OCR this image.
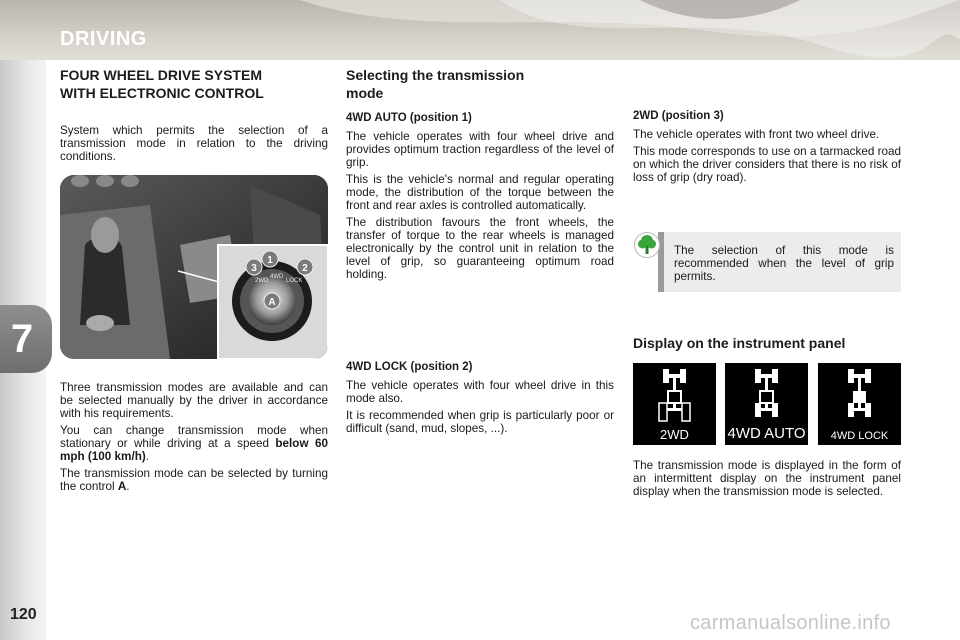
DRIVING
7
120	carmanualsonline.info
FOUR WHEEL DRIVE SYSTEM
WITH ELECTRONIC CONTROL

System which permits the selection of a transmission mode in relation to the driving conditions.

3
1
2
A
2WD
4WD
LOCK

Three transmission modes are available and can be selected manually by the driver in accordance with his requirements.

You can change transmission mode when stationary or while driving at a speed below 60 mph (100 km/h).

The transmission mode can be selected by turning the control A.

Selecting the transmission
mode
4WD AUTO (position 1)

The vehicle operates with four wheel drive and provides optimum traction regardless of the level of grip.

This is the vehicle's normal and regular operating mode, the distribution of the torque between the front and rear axles is controlled automatically.

The distribution favours the front wheels, the transfer of torque to the rear wheels is managed electronically by the control unit in relation to the level of grip, so guaranteeing optimum road holding.

4WD LOCK (position 2)

The vehicle operates with four wheel drive in this mode also.

It is recommended when grip is particularly poor or difficult (sand, mud, slopes, ...).

2WD (position 3)

The vehicle operates with front two wheel drive.

This mode corresponds to use on a tarmacked road on which the driver considers that there is no risk of loss of grip (dry road).

The selection of this mode is recommended when the level of grip permits.
Display on the instrument panel
2WD	4WD AUTO	4WD LOCK

The transmission mode is displayed in the form of an intermittent display on the instrument panel display when the transmission mode is selected.
